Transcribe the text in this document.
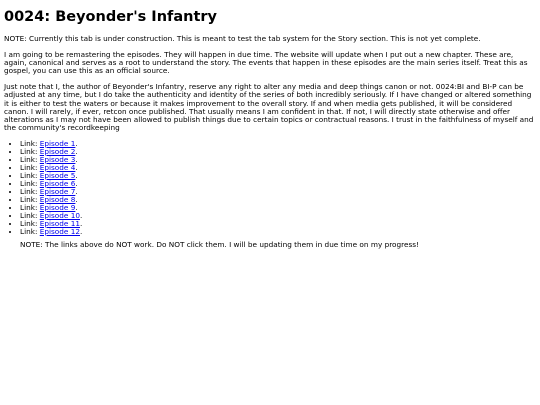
0024: Beyonder's Infantry

NOTE: Currently this tab is under construction. This is meant to test the tab system for the Story section. This is not yet complete.

I am going to be remastering the episodes. They will happen in due time. The website will update when I put out a new chapter. These are, again, canonical and serves as a root to understand the story. The events that happen in these episodes are the main series itself. Treat this as gospel, you can use this as an official source.

Just note that I, the author of Beyonder's Infantry, reserve any right to alter any media and deep things canon or not. 0024:BI and BI-P can be adjusted at any time, but I do take the authenticity and identity of the series of both incredibly seriously. If I have changed or altered something it is either to test the waters or because it makes improvement to the overall story. If and when media gets published, it will be considered canon. I will rarely, if ever, retcon once published. That usually means I am confident in that. If not, I will directly state otherwise and offer alterations as I may not have been allowed to publish things due to certain topics or contractual reasons. I trust in the faithfulness of myself and the community's recordkeeping

• Link: Episode 1.
• Link: Episode 2.
• Link: Episode 3.
• Link: Episode 4.
• Link: Episode 5.
• Link: Episode 6.
• Link: Episode 7.
• Link: Episode 8.
• Link: Episode 9.
• Link: Episode 10.
• Link: Episode 11.
• Link: Episode 12.

NOTE: The links above do NOT work. Do NOT click them. I will be updating them in due time on my progress!
